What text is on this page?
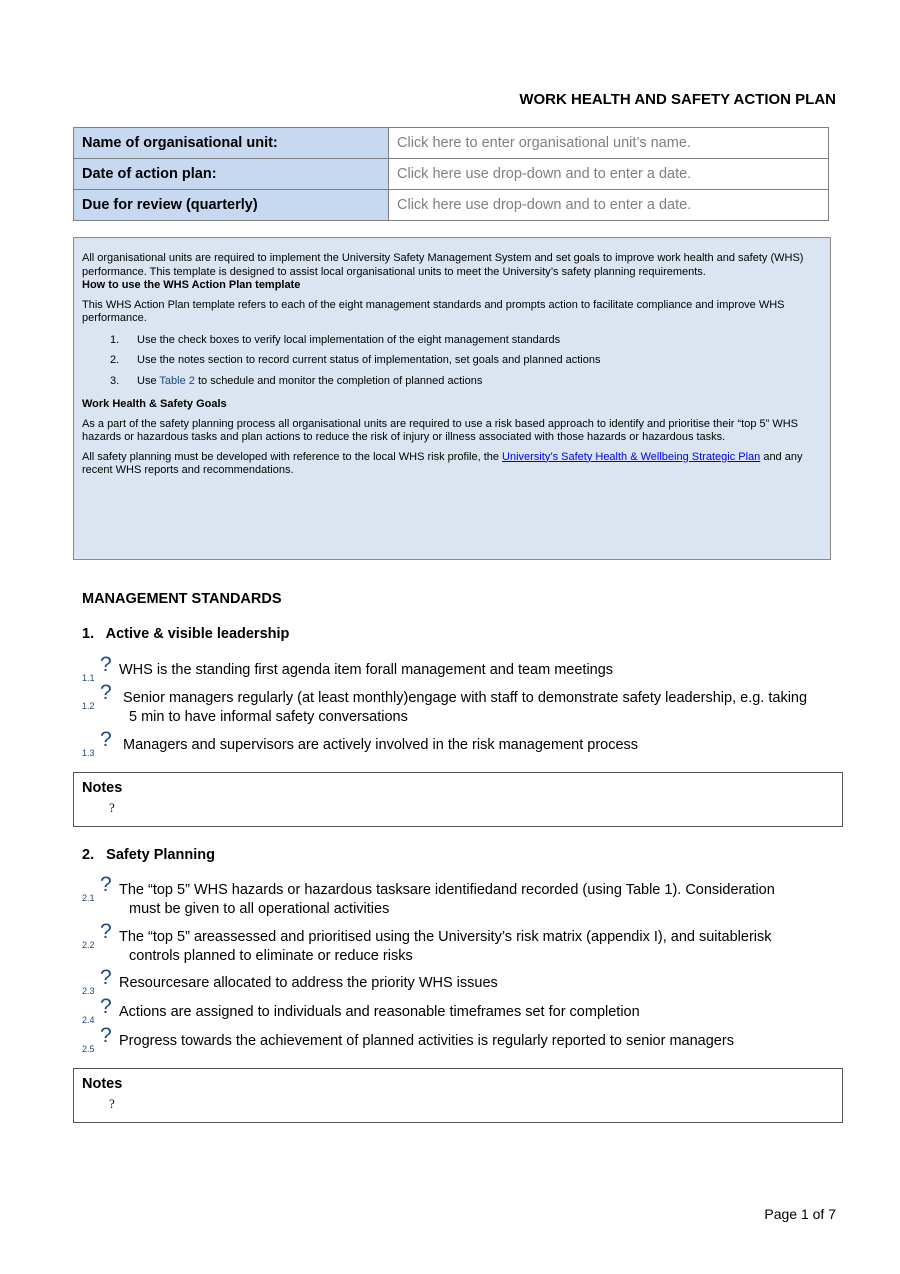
WORK HEALTH AND SAFETY ACTION PLAN
Name of organisational unit:	Click here to enter organisational unit’s name.
Date of action plan:	Click here use drop-down and to enter a date.
Due for review (quarterly)	Click here use drop-down and to enter a date.

All organisational units are required to implement the University Safety Management System and set goals to improve work health and safety (WHS) performance. This template is designed to assist local organisational units to meet the University’s safety planning requirements.

How to use the WHS Action Plan template

This WHS Action Plan template refers to each of the eight management standards and prompts action to facilitate compliance and improve WHS performance.

1.	Use the check boxes to verify local implementation of the eight management standards
2.	Use the notes section to record current status of implementation, set goals and planned actions
3.	Use Table 2 to schedule and monitor the completion of planned actions

Work Health & Safety Goals

As a part of the safety planning process all organisational units are required to use a risk based approach to identify and prioritise their “top 5” WHS hazards or hazardous tasks and plan actions to reduce the risk of injury or illness associated with those hazards or hazardous tasks.

All safety planning must be developed with reference to the local WHS risk profile, the University’s Safety Health & Wellbeing Strategic Plan and any recent WHS reports and recommendations.

MANAGEMENT STANDARDS
1.   Active & visible leadership
1.1
? WHS is the standing first agenda item forall management and team meetings
1.2
? Senior managers regularly (at least monthly)engage with staff to demonstrate safety leadership, e.g. taking
5 min to have informal safety conversations
1.3
? Managers and supervisors are actively involved in the risk management process
Notes
?
2.   Safety Planning
2.1
? The “top 5” WHS hazards or hazardous tasksare identifiedand recorded (using Table 1). Consideration
must be given to all operational activities
2.2
? The “top 5” areassessed and prioritised using the University’s risk matrix (appendix I), and suitablerisk
controls planned to eliminate or reduce risks
2.3
? Resourcesare allocated to address the priority WHS issues
2.4
? Actions are assigned to individuals and reasonable timeframes set for completion
2.5
? Progress towards the achievement of planned activities is regularly reported to senior managers
Notes
?
Page 1 of 7
